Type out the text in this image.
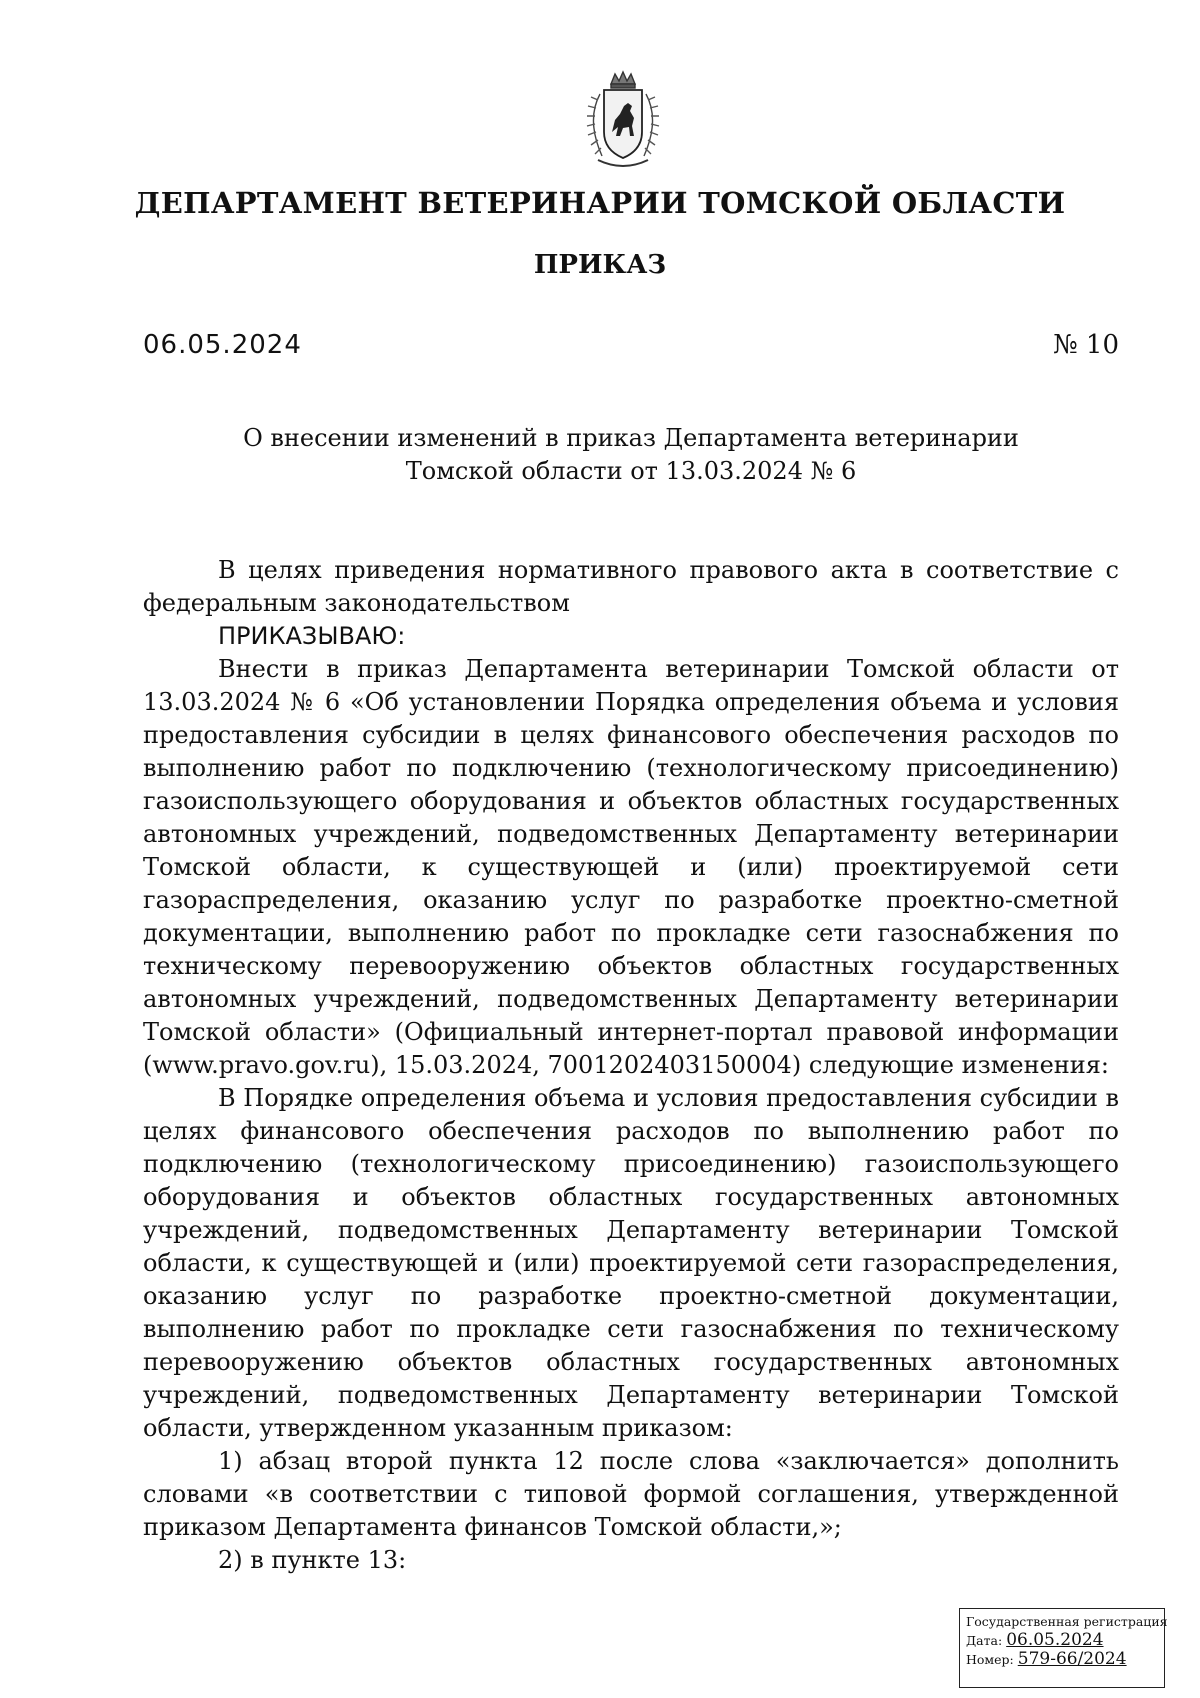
ДЕПАРТАМЕНТ ВЕТЕРИНАРИИ ТОМСКОЙ ОБЛАСТИ
ПРИКАЗ
06.05.2024	№ 10
О внесении изменений в приказ Департамента ветеринарии
Томской области от 13.03.2024 № 6

В целях приведения нормативного правового акта в соответствие с федеральным законодательством

ПРИКАЗЫВАЮ:

Внести в приказ Департамента ветеринарии Томской области от 13.03.2024 № 6 «Об установлении Порядка определения объема и условия предоставления субсидии в целях финансового обеспечения расходов по выполнению работ по подключению (технологическому присоединению) газоиспользующего оборудования и объектов областных государственных автономных учреждений, подведомственных Департаменту ветеринарии Томской области, к существующей и (или) проектируемой сети газораспределения, оказанию услуг по разработке проектно-сметной документации, выполнению работ по прокладке сети газоснабжения по техническому перевооружению объектов областных государственных автономных учреждений, подведомственных Департаменту ветеринарии Томской области» (Официальный интернет-портал правовой информации (www.pravo.gov.ru), 15.03.2024, 7001202403150004) следующие изменения:

В Порядке определения объема и условия предоставления субсидии в целях финансового обеспечения расходов по выполнению работ по подключению (технологическому присоединению) газоиспользующего оборудования и объектов областных государственных автономных учреждений, подведомственных Департаменту ветеринарии Томской области, к существующей и (или) проектируемой сети газораспределения, оказанию услуг по разработке проектно-сметной документации, выполнению работ по прокладке сети газоснабжения по техническому перевооружению объектов областных государственных автономных учреждений, подведомственных Департаменту ветеринарии Томской области, утвержденном указанным приказом:

1) абзац второй пункта 12 после слова «заключается» дополнить словами «в соответствии с типовой формой соглашения, утвержденной приказом Департамента финансов Томской области,»;

2) в пункте 13:

Государственная регистрация
Дата: 06.05.2024
Номер: 579-66/2024
